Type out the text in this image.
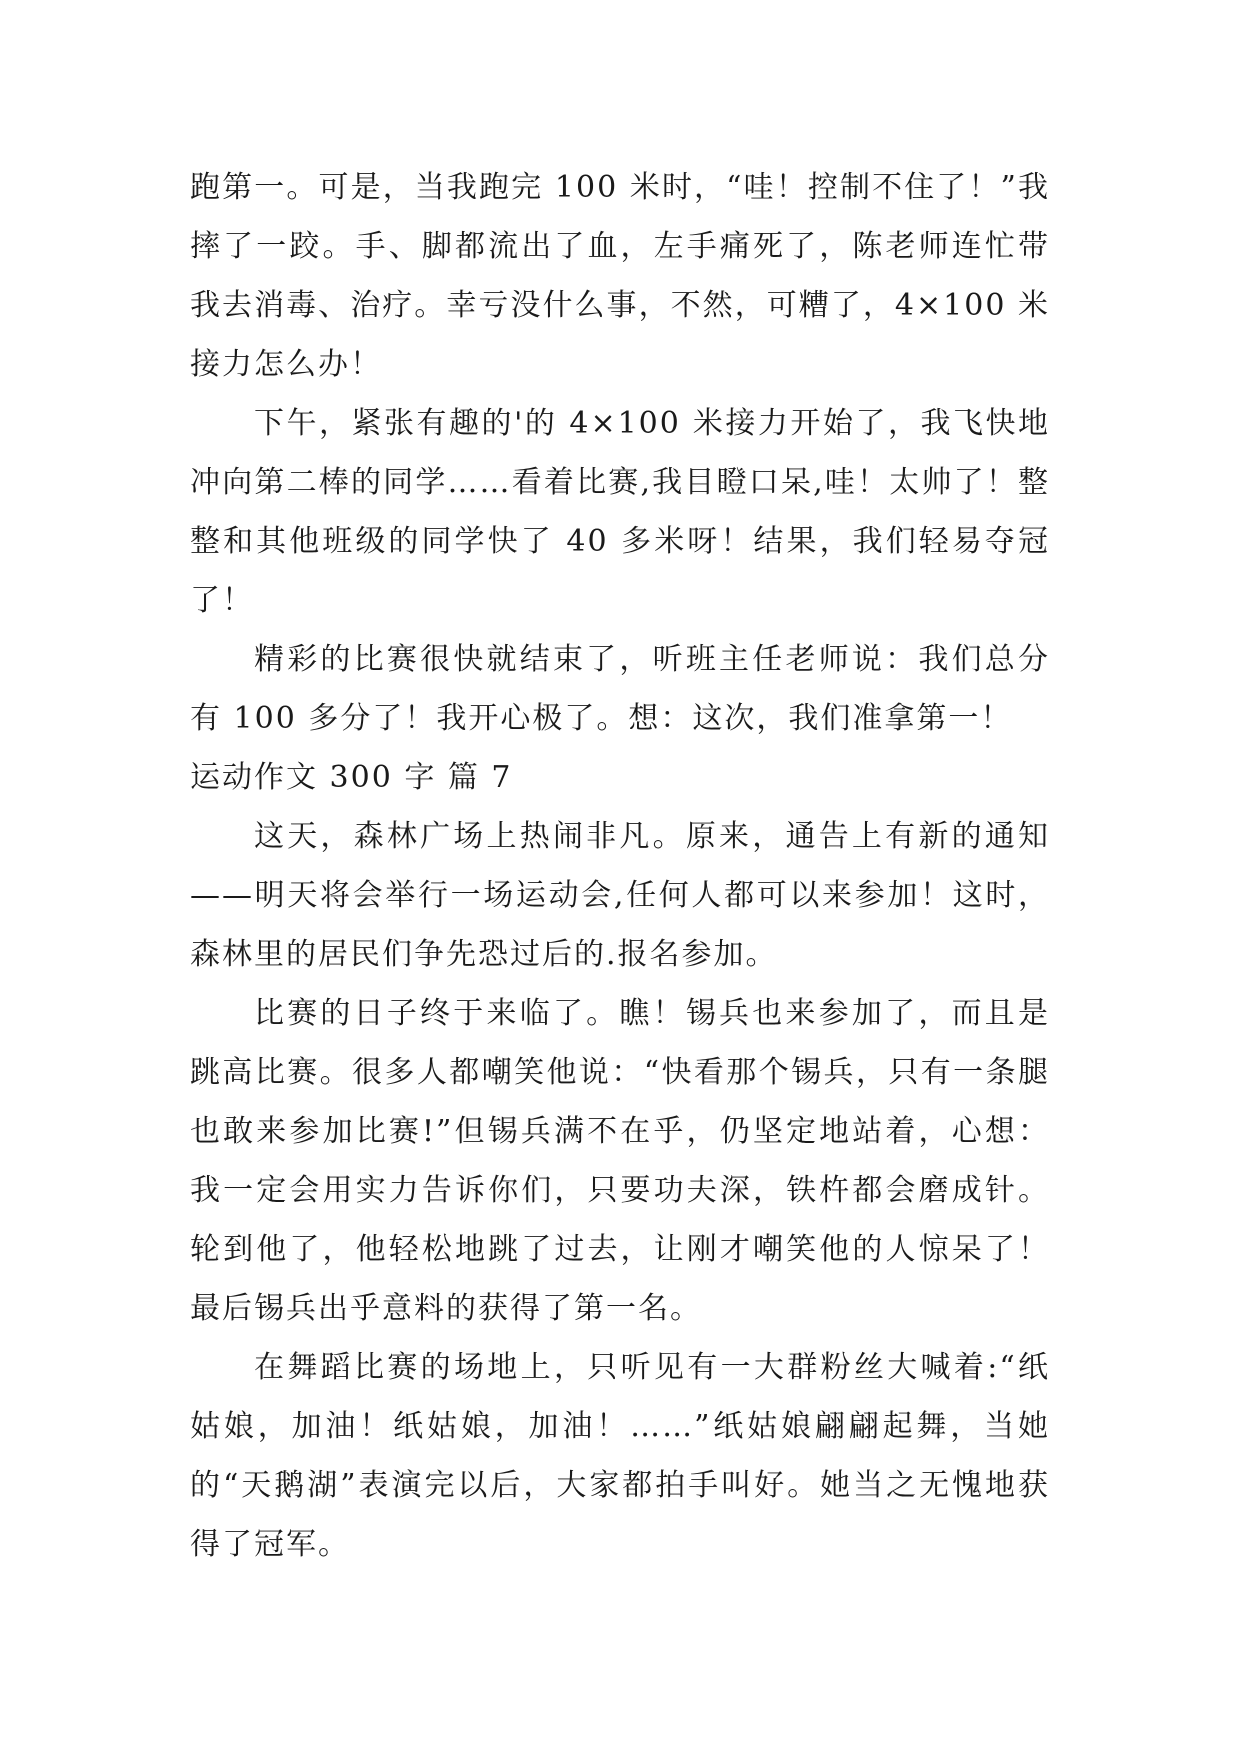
跑第一。可是，当我跑完 100 米时，“哇！控制不住了！”我摔了一跤。手、脚都流出了血，左手痛死了，陈老师连忙带我去消毒、治疗。幸亏没什么事，不然，可糟了，4×100 米接力怎么办！

下午，紧张有趣的'的 4×100 米接力开始了，我飞快地冲向第二棒的同学……看着比赛,我目瞪口呆,哇！太帅了！整整和其他班级的同学快了 40 多米呀！结果，我们轻易夺冠了！

精彩的比赛很快就结束了，听班主任老师说：我们总分有 100 多分了！我开心极了。想：这次，我们准拿第一！

运动作文 300 字 篇 7

这天，森林广场上热闹非凡。原来，通告上有新的通知——明天将会举行一场运动会,任何人都可以来参加！这时，森林里的居民们争先恐过后的.报名参加。

比赛的日子终于来临了。瞧！锡兵也来参加了，而且是跳高比赛。很多人都嘲笑他说：“快看那个锡兵，只有一条腿也敢来参加比赛!”但锡兵满不在乎，仍坚定地站着，心想：我一定会用实力告诉你们，只要功夫深，铁杵都会磨成针。轮到他了，他轻松地跳了过去，让刚才嘲笑他的人惊呆了！最后锡兵出乎意料的获得了第一名。

在舞蹈比赛的场地上，只听见有一大群粉丝大喊着:“纸姑娘，加油！纸姑娘，加油！……”纸姑娘翩翩起舞，当她的“天鹅湖”表演完以后，大家都拍手叫好。她当之无愧地获得了冠军。
